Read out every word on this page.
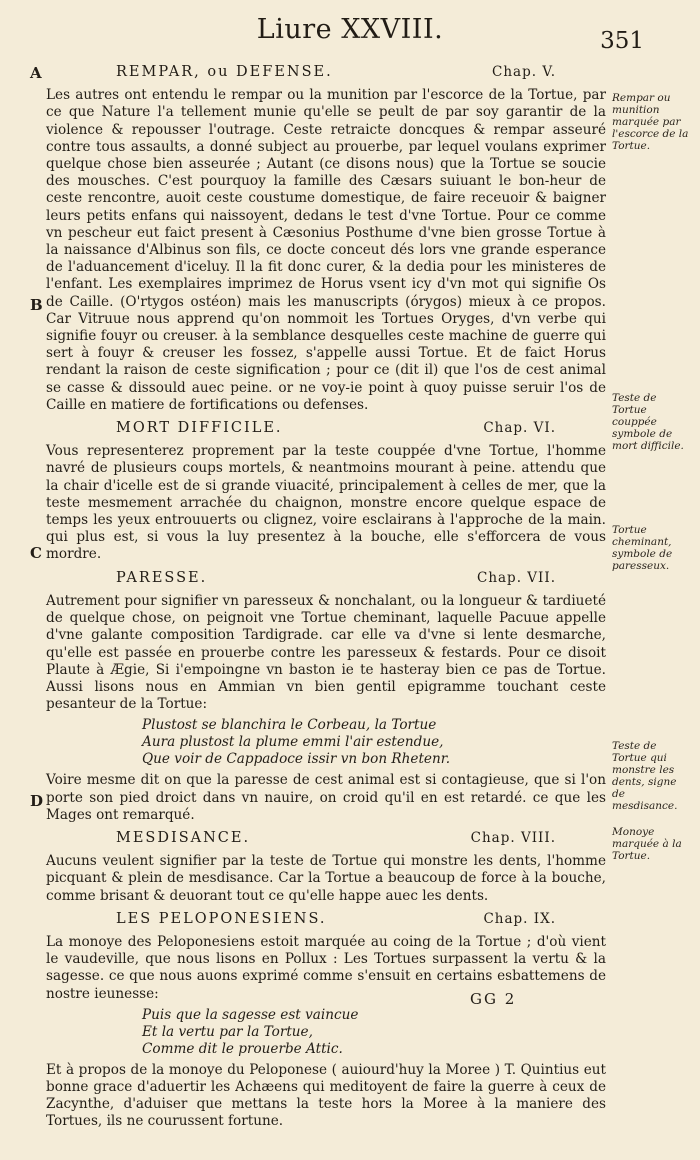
Liure XXVIII.	351
A
B
C
D
Rempar ou munition marquée par l'escorce de la Tortue.
Teste de Tortue couppée symbole de mort difficile.
Tortue cheminant, symbole de paresseux.
Teste de Tortue qui monstre les dents, signe de mesdisance.
Monoye marquée à la Tortue.
REMPAR, ou DEFENSE.	Chap. V.

Les autres ont entendu le rempar ou la munition par l'escorce de la Tortue, par ce que Nature l'a tellement munie qu'elle se peult de par soy garantir de la violence & repousser l'outrage. Ceste retraicte doncques & rempar asseuré contre tous assaults, a donné subject au prouerbe, par lequel voulans exprimer quelque chose bien asseurée ; Autant (ce disons nous) que la Tortue se soucie des mousches. C'est pourquoy la famille des Cæsars suiuant le bon-heur de ceste rencontre, auoit ceste coustume domestique, de faire receuoir & baigner leurs petits enfans qui naissoyent, dedans le test d'vne Tortue. Pour ce comme vn pescheur eut faict present à Cæsonius Posthume d'vne bien grosse Tortue à la naissance d'Albinus son fils, ce docte conceut dés lors vne grande esperance de l'aduancement d'iceluy. Il la fit donc curer, & la dedia pour les ministeres de l'enfant. Les exemplaires imprimez de Horus vsent icy d'vn mot qui signifie Os de Caille. (O'rtygos ostéon) mais les manuscripts (órygos) mieux à ce propos. Car Vitruue nous apprend qu'on nommoit les Tortues Oryges, d'vn verbe qui signifie fouyr ou creuser. à la semblance desquelles ceste machine de guerre qui sert à fouyr & creuser les fossez, s'appelle aussi Tortue. Et de faict Horus rendant la raison de ceste signification ; pour ce (dit il) que l'os de cest animal se casse & dissould auec peine. or ne voy-ie point à quoy puisse seruir l'os de Caille en matiere de fortifications ou defenses.

MORT DIFFICILE.	Chap. VI.

Vous representerez proprement par la teste couppée d'vne Tortue, l'homme navré de plusieurs coups mortels, & neantmoins mourant à peine. attendu que la chair d'icelle est de si grande viuacité, principalement à celles de mer, que la teste mesmement arrachée du chaignon, monstre encore quelque espace de temps les yeux entrouuerts ou clignez, voire esclairans à l'approche de la main. qui plus est, si vous la luy presentez à la bouche, elle s'efforcera de vous mordre.

PARESSE.	Chap. VII.

Autrement pour signifier vn paresseux & nonchalant, ou la longueur & tardiueté de quelque chose, on peignoit vne Tortue cheminant, laquelle Pacuue appelle d'vne galante composition Tardigrade. car elle va d'vne si lente desmarche, qu'elle est passée en prouerbe contre les paresseux & festards. Pour ce disoit Plaute à Ægie, Si i'empoingne vn baston ie te hasteray bien ce pas de Tortue. Aussi lisons nous en Ammian vn bien gentil epigramme touchant ceste pesanteur de la Tortue:

Plustost se blanchira le Corbeau, la Tortue
Aura plustost la plume emmi l'air estendue,
Que voir de Cappadoce issir vn bon Rhetenr.

Voire mesme dit on que la paresse de cest animal est si contagieuse, que si l'on porte son pied droict dans vn nauire, on croid qu'il en est retardé. ce que les Mages ont remarqué.

MESDISANCE.	Chap. VIII.

Aucuns veulent signifier par la teste de Tortue qui monstre les dents, l'homme picquant & plein de mesdisance. Car la Tortue a beaucoup de force à la bouche, comme brisant & deuorant tout ce qu'elle happe auec les dents.

LES PELOPONESIENS.	Chap. IX.

La monoye des Peloponesiens estoit marquée au coing de la Tortue ; d'où vient le vaudeville, que nous lisons en Pollux : Les Tortues surpassent la vertu & la sagesse. ce que nous auons exprimé comme s'ensuit en certains esbattemens de nostre ieunesse:

Puis que la sagesse est vaincue
Et la vertu par la Tortue,
Comme dit le prouerbe Attic.

Et à propos de la monoye du Peloponese ( auiourd'huy la Moree ) T. Quintius eut bonne grace d'aduertir les Achæens qui meditoyent de faire la guerre à ceux de Zacynthe, d'aduiser que mettans la teste hors la Moree à la maniere des Tortues, ils ne courussent fortune.

GG 2
